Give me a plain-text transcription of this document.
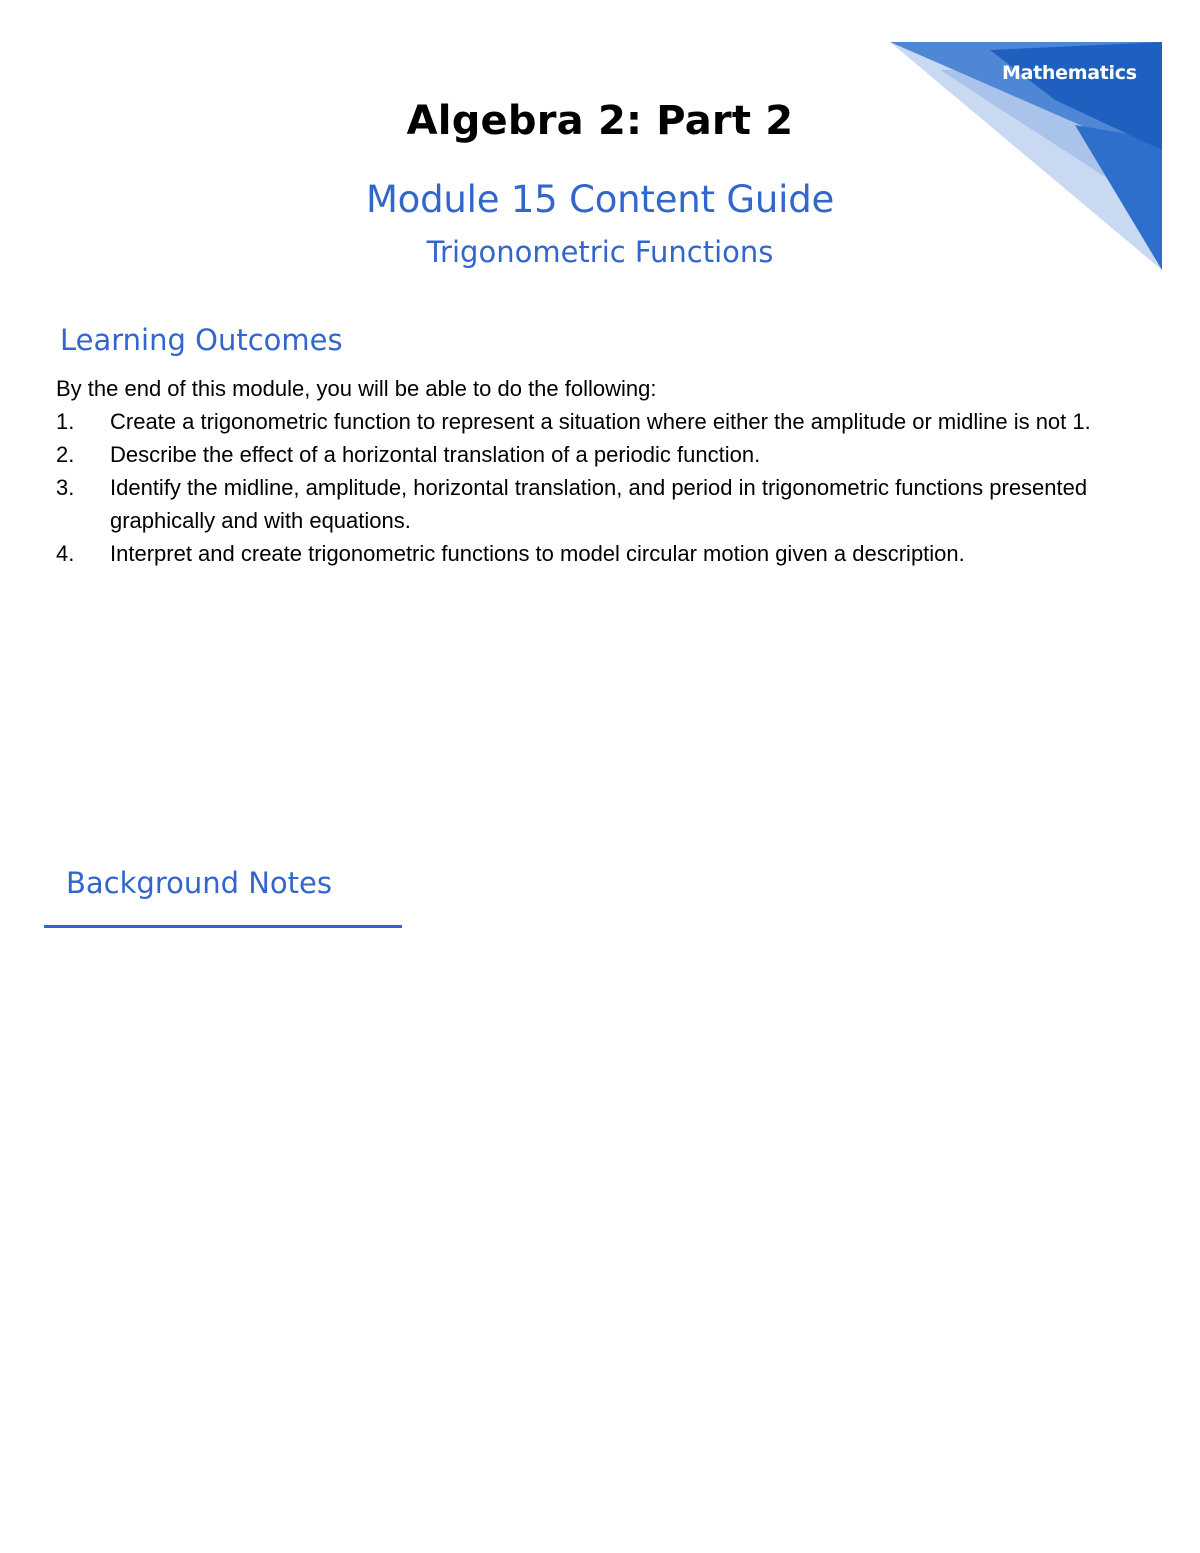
Mathematics
Algebra 2: Part 2
Module 15 Content Guide
Trigonometric Functions
Learning Outcomes

By the end of this module, you will be able to do the following:

1.	Create a trigonometric function to represent a situation where either the amplitude or midline is not 1.
2.	Describe the effect of a horizontal translation of a periodic function.
3.	Identify the midline, amplitude, horizontal translation, and period in trigonometric functions presented graphically and with equations.
4.	Interpret and create trigonometric functions to model circular motion given a description.
Background Notes
